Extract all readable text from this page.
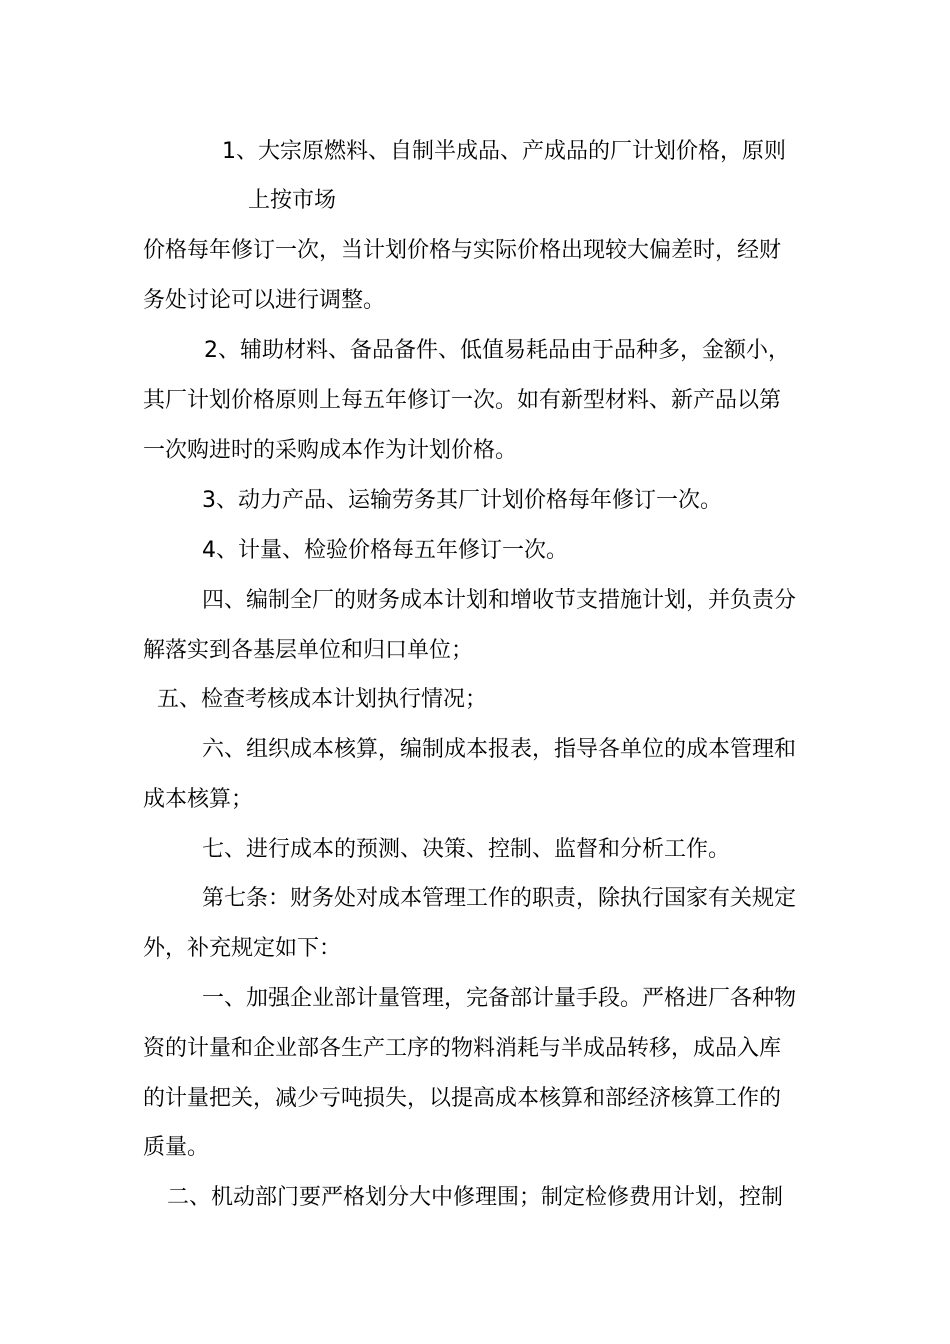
1、大宗原燃料、自制半成品、产成品的厂计划价格，原则
上按市场
价格每年修订一次，当计划价格与实际价格出现较大偏差时，经财
务处讨论可以进行调整。
2、辅助材料、备品备件、低值易耗品由于品种多，金额小，
其厂计划价格原则上每五年修订一次。如有新型材料、新产品以第
一次购进时的采购成本作为计划价格。
3、动力产品、运输劳务其厂计划价格每年修订一次。
4、计量、检验价格每五年修订一次。
四、编制全厂的财务成本计划和增收节支措施计划，并负责分
解落实到各基层单位和归口单位；
五、检查考核成本计划执行情况；
六、组织成本核算，编制成本报表，指导各单位的成本管理和
成本核算；
七、进行成本的预测、决策、控制、监督和分析工作。
第七条：财务处对成本管理工作的职责，除执行国家有关规定
外，补充规定如下：
一、加强企业部计量管理，完备部计量手段。严格进厂各种物
资的计量和企业部各生产工序的物料消耗与半成品转移，成品入库
的计量把关，减少亏吨损失，以提高成本核算和部经济核算工作的
质量。
二、机动部门要严格划分大中修理围；制定检修费用计划，控制
